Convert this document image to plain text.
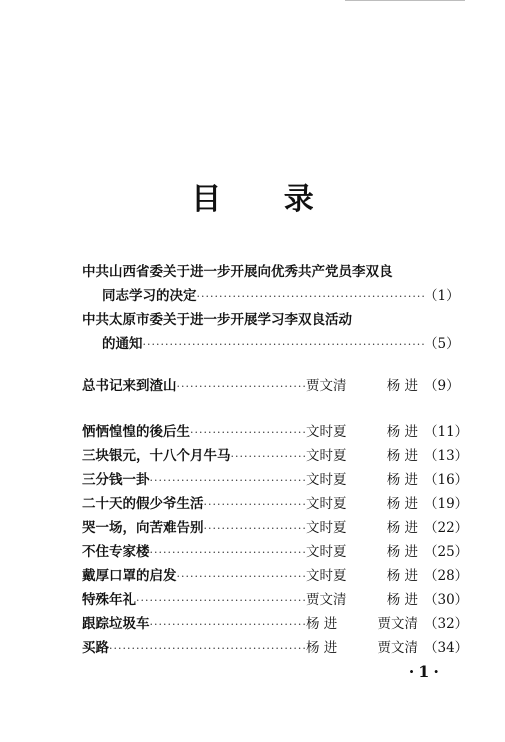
目 录
中共山西省委关于进一步开展向优秀共产党员李双良
同志学习的决定 ·····	（1）
中共太原市委关于进一步开展学习李双良活动
的通知 ·····	（5）
总书记来到渣山 ·····	贾文清	杨 进 （9）
恓恓惶惶的後后生 ·····	文时夏	杨 进 （11）
三块银元，十八个月牛马 ·····	文时夏	杨 进 （13）
三分钱一卦 ·····	文时夏	杨 进 （16）
二十天的假少爷生活 ·····	文时夏	杨 进 （19）
哭一场，向苦难告别 ·····	文时夏	杨 进 （22）
不住专家楼 ·····	文时夏	杨 进 （25）
戴厚口罩的启发 ·····	文时夏	杨 进 （28）
特殊年礼 ·····	贾文清	杨 进 （30）
跟踪垃圾车 ·····	杨 进	贾文清 （32）
买路 ·····	杨 进	贾文清 （34）
·1·
